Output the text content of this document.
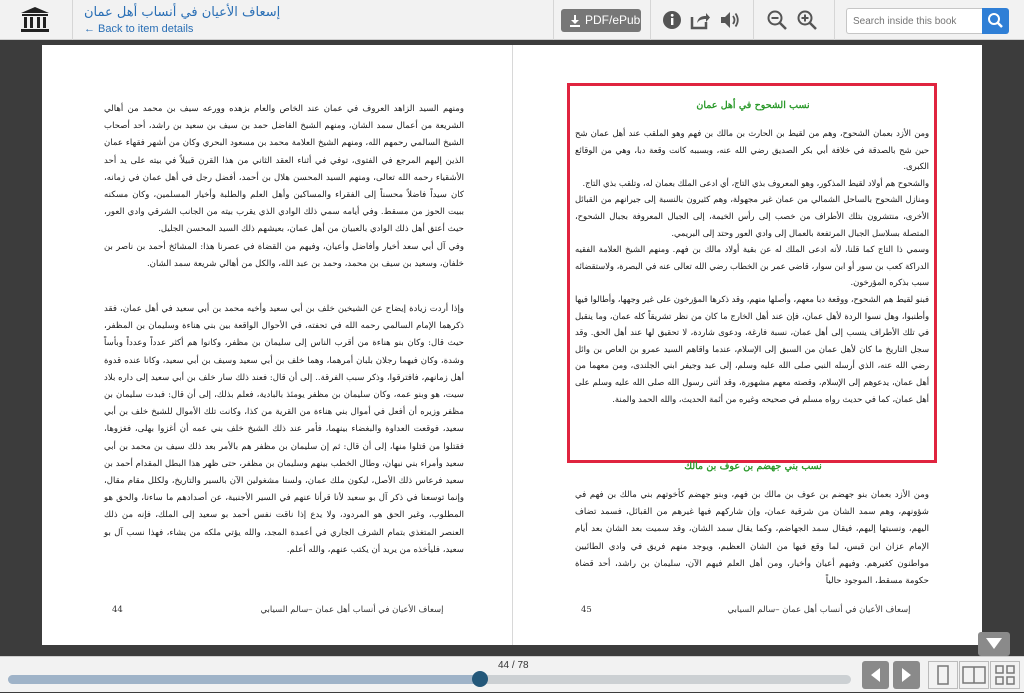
إسعاف الأعيان في أنساب أهل عمان
← Back to item details
PDF/ePub
Search inside this book
ومنهم السيد الزاهد العروف في عمان عند الخاص والعام بزهده وورعه سيف بن محمد من أهالي الشريعة من أعمال سمد الشان، ومنهم الشيخ الفاضل حمد بن سيف بن سعيد بن راشد، أحد أصحاب الشيخ السالمي رحمهم الله، ومنهم الشيخ العلامة محمد بن مسعود البحري وكان من أشهر فقهاء عمان الذين إليهم المرجع في الفتوى، توفي في أثناء العقد الثاني من هذا القرن قبيلاً في بيته على يد أحد الأشقياء رحمه الله تعالى، ومنهم السيد المحسن هلال بن أحمد، أفضل رجل في أهل عمان في زمانه، كان سيداً فاضلاً محسناً إلى الفقراء والمساكين وأهل العلم والطلبة وأخيار المسلمين، وكان مسكنه ببيت الحوز من مسقط. وفي أيامه سمي ذلك الوادي الذي يقرب بيته من الجانب الشرقي وادي العور، حيث أعتق أهل ذلك الوادي بالعبيان من أهل عمان، بعيشهم ذلك السيد المحسن الجليل.
وفي آل أبي سعد أخيار وأفاضل وأعيان، وفيهم من القضاة في عصرنا هذا: المشائخ أحمد بن ناصر بن خلفان، وسعيد بن سيف بن محمد، وحمد بن عبد الله، والكل من أهالي شريعة سمد الشان.
وإذا أردت زيادة إيضاح عن الشيخين خلف بن أبي سعيد وأخيه محمد بن أبي سعيد في أهل عمان، فقد ذكرهما الإمام السالمي رحمه الله في تحفته، في الأحوال الواقعة بين بني هناءة وسليمان بن المظفر، حيث قال: وكان بنو هناءة من أقرب الناس إلى سليمان بن مظفر، وكانوا هم أكثر عدداً وعدداً وبأساً وشدة، وكان فيهما رجلان بلبان أمرهما، وهما خلف بن أبي سعيد وسيف بن أبي سعيد، وكانا عنده قدوة أهل زمانهم، فافترقوا، وذكر سبب الفرقة.. إلى أن قال: فعند ذلك سار خلف بن أبي سعيد إلى داره بلاد سيت، هو وبنو عمه، وكان سليمان بن مظفر يومئذ بالبادية، فعلم بذلك، إلى أن قال: فبدت سليمان بن مظفر وزيره أن أفعل في أموال بني هناءة من القرية من كذا، وكانت تلك الأموال للشيخ خلف بن أبي سعيد، فوقعت العداوة والبغضاء بينهما، فأمر عند ذلك الشيخ خلف بني عمه أن أغزوا بهلى، فغزوها، فقتلوا من قتلوا منها، إلى أن قال: ثم إن سليمان بن مظفر هم بالأمر بعد ذلك سيف بن محمد بن أبي سعيد وأمراء بني نبهان، وطال الخطب بينهم وسليمان بن مظفر، حتى ظهر هذا البطل المقدام أحمد بن سعيد فرعاس ذلك الأصل، ليكون ملك عمان، ولسنا مشغولين الآن بالسير والتاريخ، ولكلل مقام مقال، وإنما توسعنا في ذكر آل بو سعيد لأنا قرأنا عنهم في السير الأجنبية، عن أصدادهم ما ساءنا، والحق هو المطلوب، وغير الحق هو المردود، ولا يدع إذا ناقت نفس أحمد بو سعيد إلى الملك، فإنه من ذلك العنصر المتغذي بتمام الشرف الجاري في أعمدة المجد، والله يؤتي ملكه من يشاء، فهذا نسب آل بو سعيد، فليأخذه من يريد أن يكتب عنهم، والله أعلم.
44	إسعاف الأعيان في أنساب أهل عمان –سالم السيابي
نسب الشحوح في أهل عمان
ومن الأزد بعمان الشحوح، وهم من لقيط بن الحارث بن مالك بن فهم وهو الملقب عند أهل عمان شح حين شح بالصدقة في خلافة أبي بكر الصديق رضي الله عنه، وبسببه كانت وقعة دبا، وهي من الوقائع الكبرى.
والشحوح هم أولاد لقيط المذكور، وهو المعروف بذي التاج، أي ادعى الملك بعمان له، وتلقب بذي التاج.
ومنازل الشحوح بالساحل الشمالي من عمان غير مجهولة، وهم كثيرون بالنسبة إلى جيرانهم من القبائل الأخرى، منتشرون بتلك الأطراف من خصب إلى رأس الخيمة، إلى الجبال المعروفة بجبال الشحوح، المتصلة بسلاسل الجبال المرتفعة بالعمال إلى وادي العور وحتد إلى البريمي.
وسمي ذا التاج كما قلنا، لأنه ادعى الملك له عن بقية أولاد مالك بن فهم. ومنهم الشيخ العلامة الفقيه الدراكة كعب بن سور أو ابن سوار، قاضي عمر بن الخطاب رضي الله تعالى عنه في البصرة، ولاستقضائه سبب بذكره المؤرخون.
فبنو لقيط هم الشحوح، ووقعة دبا معهم، وأصلها منهم، وقد ذكرها المؤرخون على غير وجهها، وأطالوا فيها وأطنبوا، وهل نسوا الردة لأهل عمان، فإن عند أهل الخارج ما كان من نظر تشريقاً كله عمان، وما ينقبل في تلك الأطراف ينسب إلى أهل عمان، نسبة فارغة، ودعوى شاردة، لا تحقيق لها عند أهل الحق. وقد سجل التاريخ ما كان لأهل عمان من السبق إلى الإسلام، عندما واقاهم السيد عمرو بن العاص بن وائل رضي الله عنه، الذي أرسله النبي صلى الله عليه وسلم، إلى عبد وجيفر ابني الجلندى، ومن معهما من أهل عمان، يدعوهم إلى الإسلام، وقصته معهم مشهورة، وقد أثنى رسول الله صلى الله عليه وسلم على أهل عمان، كما في حديث رواه مسلم في صحيحه وغيره من أئمة الحديث، والله الحمد والمنة.
نسب بني جهضم بن عوف بن مالك
ومن الأزد بعمان بنو جهضم بن عوف بن مالك بن فهم، وبنو جهضم كأخوتهم بني مالك بن فهم في شؤونهم، وهم سمد الشان من شرقية عمان، وإن شاركهم فيها غيرهم من القبائل، فسمد تضاف اليهم، ونسبتها إليهم، فيقال سمد الجهاضم، وكما يقال سمد الشان، وقد سميت بعد الشان بعد أيام الإمام عزان ابن قيس، لما وقع فيها من الشان العظيم، ويوجد منهم فريق في وادي الطائيين مواطنون كغيرهم. وفيهم أعيان وأخيار، ومن أهل العلم فيهم الآن، سليمان بن راشد، أحد قضاة حكومة مسقط، الموجود حالياً
45	إسعاف الأعيان في أنساب أهل عمان –سالم السيابي
44 / 78
